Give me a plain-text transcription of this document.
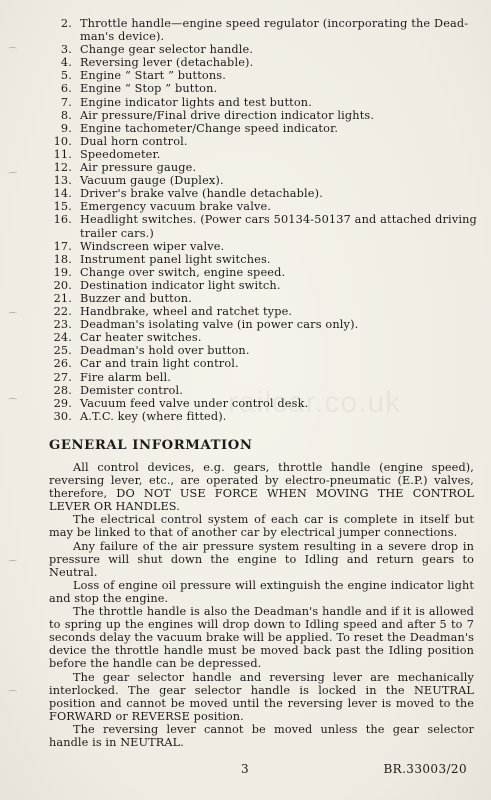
2. Throttle handle—engine speed regulator (incorporating the Dead-man's device).
3. Change gear selector handle.
4. Reversing lever (detachable).
5. Engine “ Start ” buttons.
6. Engine “ Stop ” button.
7. Engine indicator lights and test button.
8. Air pressure/Final drive direction indicator lights.
9. Engine tachometer/Change speed indicator.
10. Dual horn control.
11. Speedometer.
12. Air pressure gauge.
13. Vacuum gauge (Duplex).
14. Driver's brake valve (handle detachable).
15. Emergency vacuum brake valve.
16. Headlight switches. (Power cars 50134-50137 and attached driving trailer cars.)
17. Windscreen wiper valve.
18. Instrument panel light switches.
19. Change over switch, engine speed.
20. Destination indicator light switch.
21. Buzzer and button.
22. Handbrake, wheel and ratchet type.
23. Deadman's isolating valve (in power cars only).
24. Car heater switches.
25. Deadman's hold over button.
26. Car and train light control.
27. Fire alarm bell.
28. Demister control.
29. Vacuum feed valve under control desk.
30. A.T.C. key (where fitted).
GENERAL INFORMATION

All control devices, e.g. gears, throttle handle (engine speed), reversing lever, etc., are operated by electro-pneumatic (E.P.) valves, therefore, DO NOT USE FORCE WHEN MOVING THE CONTROL LEVER OR HANDLES.

The electrical control system of each car is complete in itself but may be linked to that of another car by electrical jumper connections.

Any failure of the air pressure system resulting in a severe drop in pressure will shut down the engine to Idling and return gears to Neutral.

Loss of engine oil pressure will extinguish the engine indicator light and stop the engine.

The throttle handle is also the Deadman's handle and if it is allowed to spring up the engines will drop down to Idling speed and after 5 to 7 seconds delay the vacuum brake will be applied. To reset the Deadman's device the throttle handle must be moved back past the Idling position before the handle can be depressed.

The gear selector handle and reversing lever are mechanically interlocked. The gear selector handle is locked in the NEUTRAL position and cannot be moved until the reversing lever is moved to the FORWARD or REVERSE position.

The reversing lever cannot be moved unless the gear selector handle is in NEUTRAL.

3	BR.33003/20
